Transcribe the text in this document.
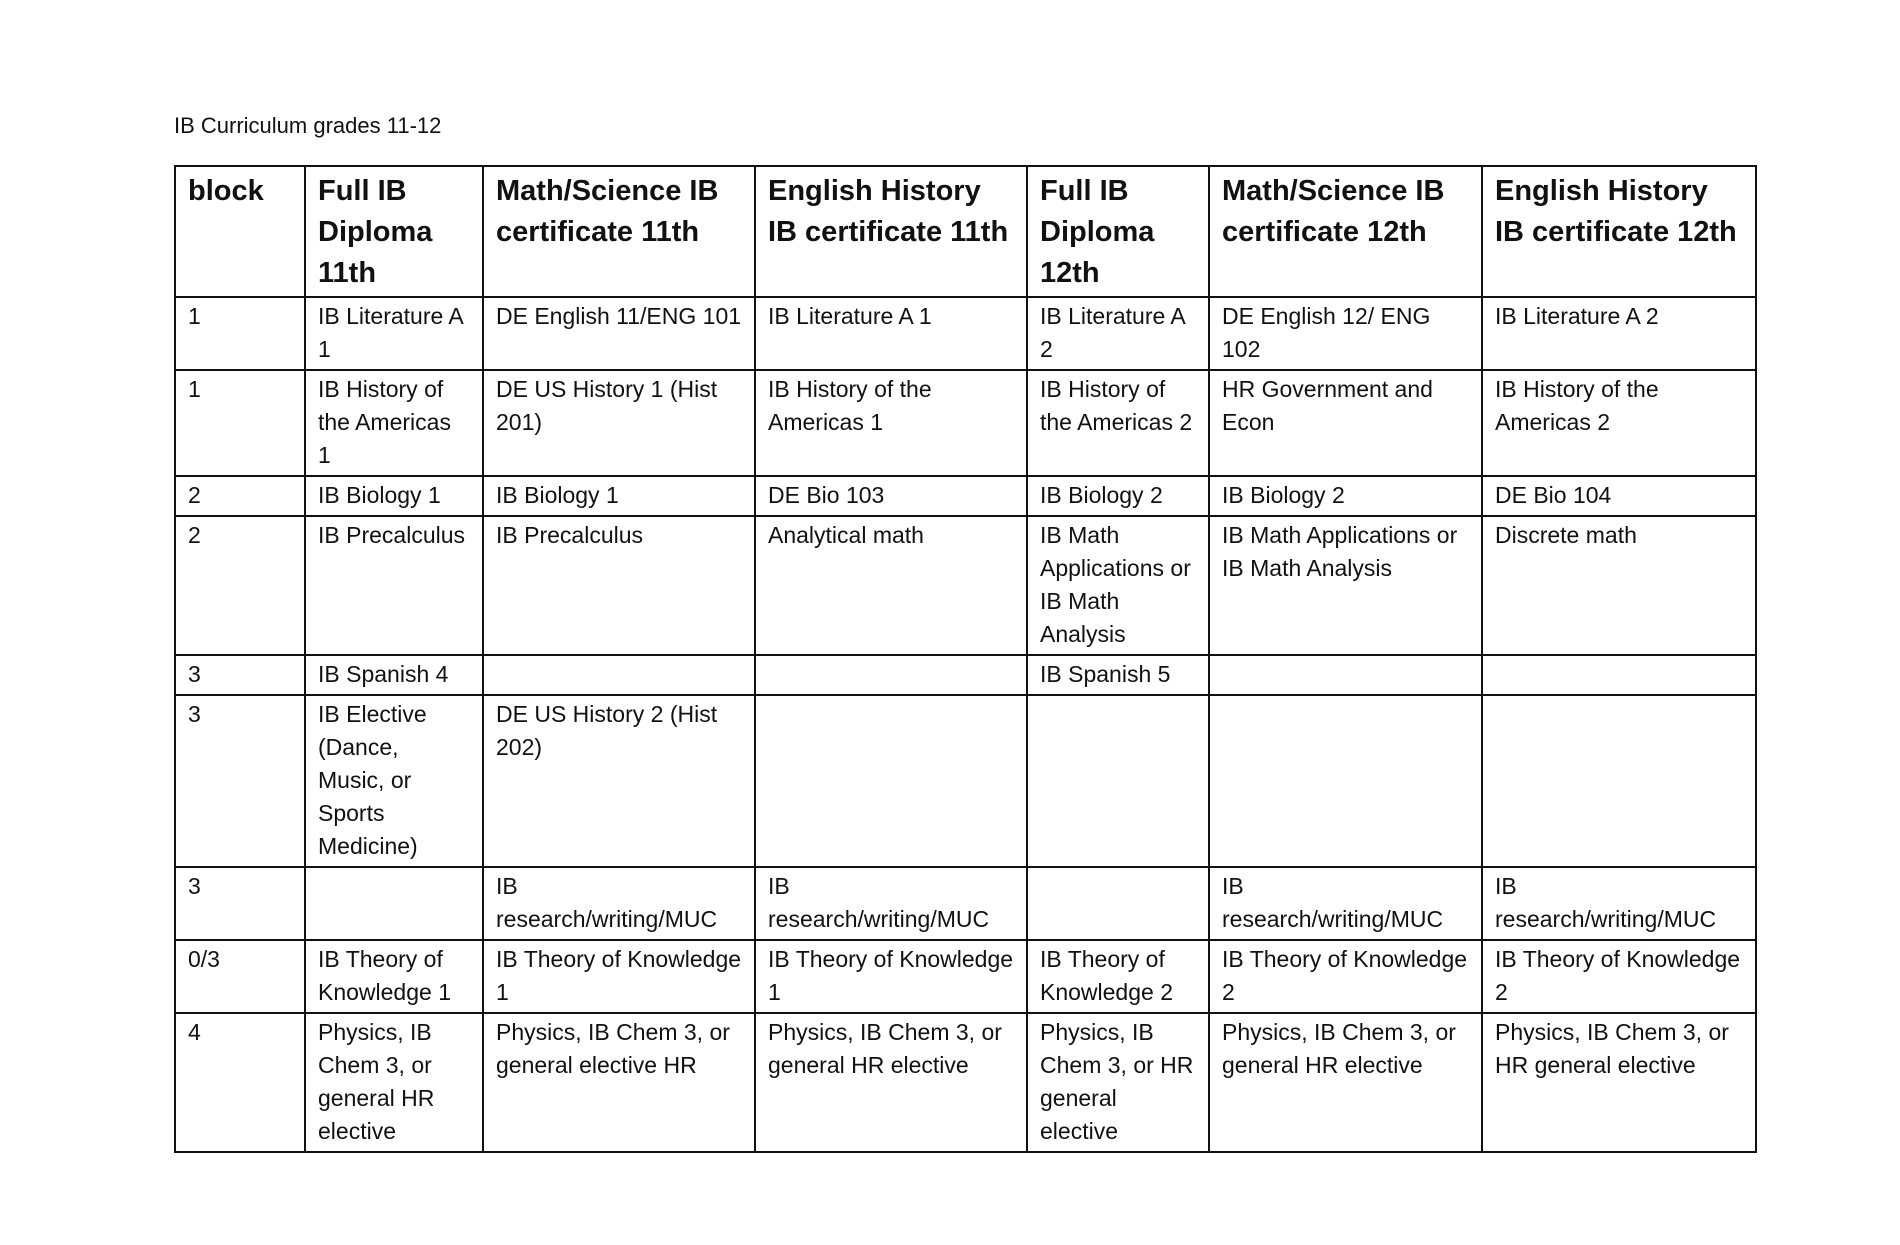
IB Curriculum grades 11-12
block	Full IB Diploma 11th	Math/Science IB certificate 11th	English History IB certificate 11th	Full IB Diploma 12th	Math/Science IB certificate 12th	English History IB certificate 12th
1	IB Literature A 1	DE English 11/ENG 101	IB Literature A 1	IB Literature A 2	DE English 12/ ENG 102	IB Literature A 2
1	IB History of the Americas 1	DE US History 1 (Hist 201)	IB History of the Americas 1	IB History of the Americas 2	HR Government and Econ	IB History of the Americas 2
2	IB Biology 1	IB Biology 1	DE Bio 103	IB Biology 2	IB Biology 2	DE Bio 104
2	IB Precalculus	IB Precalculus	Analytical math	IB Math Applications or IB Math Analysis	IB Math Applications or IB Math Analysis	Discrete math
3	IB Spanish 4			IB Spanish 5		
3	IB Elective (Dance, Music, or Sports Medicine)	DE US History 2 (Hist 202)				
3		IB research/writing/MUC	IB research/writing/MUC		IB research/writing/MUC	IB research/writing/MUC
0/3	IB Theory of Knowledge 1	IB Theory of Knowledge 1	IB Theory of Knowledge 1	IB Theory of Knowledge 2	IB Theory of Knowledge 2	IB Theory of Knowledge 2
4	Physics, IB Chem 3, or general HR elective	Physics, IB Chem 3, or general elective HR	Physics, IB Chem 3, or general HR elective	Physics, IB Chem 3, or HR general elective	Physics, IB Chem 3, or general HR elective	Physics, IB Chem 3, or HR general elective
